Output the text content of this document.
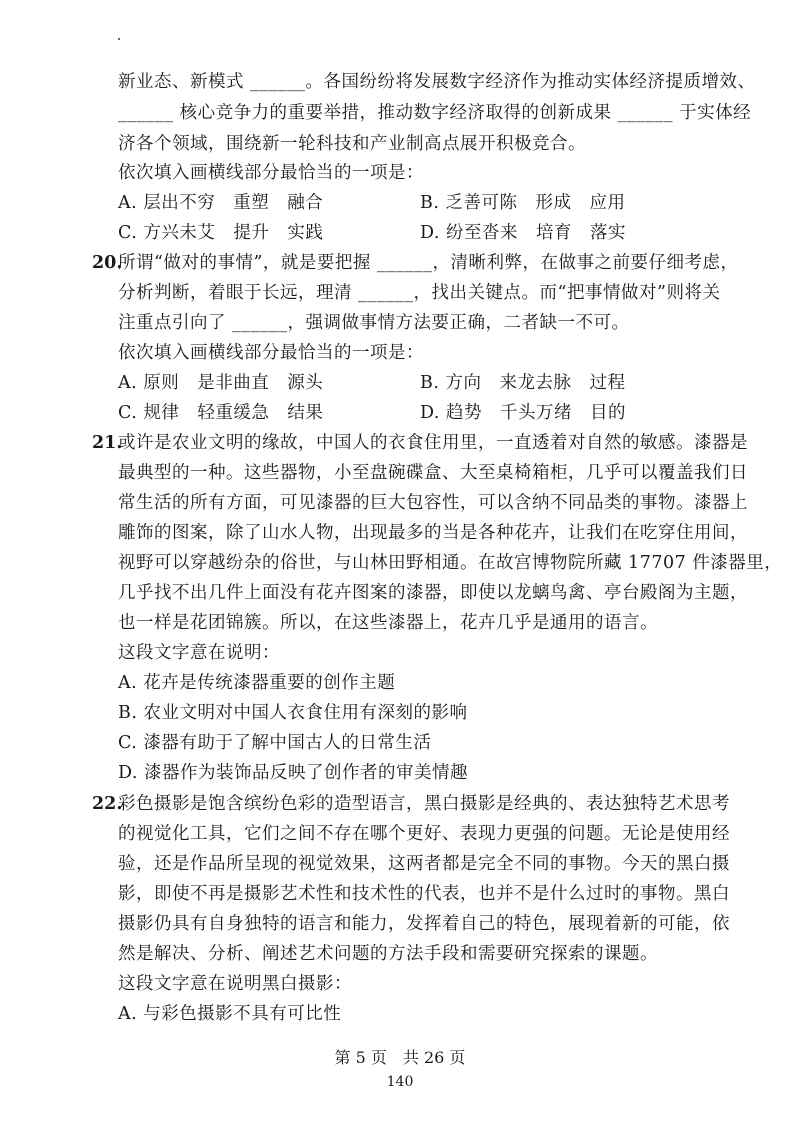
新业态、新模式 ______。各国纷纷将发展数字经济作为推动实体经济提质增效、
______ 核心竞争力的重要举措，推动数字经济取得的创新成果 ______ 于实体经
济各个领域，围绕新一轮科技和产业制高点展开积极竞合。
依次填入画横线部分最恰当的一项是：
A. 层出不穷　重塑　融合	B. 乏善可陈　形成　应用
C. 方兴未艾　提升　实践	D. 纷至沓来　培育　落实
20.
所谓“做对的事情”，就是要把握 ______，清晰利弊，在做事之前要仔细考虑，
分析判断，着眼于长远，理清 ______，找出关键点。而“把事情做对”则将关
注重点引向了 ______，强调做事情方法要正确，二者缺一不可。
依次填入画横线部分最恰当的一项是：
A. 原则　是非曲直　源头	B. 方向　来龙去脉　过程
C. 规律　轻重缓急　结果	D. 趋势　千头万绪　目的
21.
或许是农业文明的缘故，中国人的衣食住用里，一直透着对自然的敏感。漆器是
最典型的一种。这些器物，小至盘碗碟盒、大至桌椅箱柜，几乎可以覆盖我们日
常生活的所有方面，可见漆器的巨大包容性，可以含纳不同品类的事物。漆器上
雕饰的图案，除了山水人物，出现最多的当是各种花卉，让我们在吃穿住用间，
视野可以穿越纷杂的俗世，与山林田野相通。在故宫博物院所藏 17707 件漆器里，
几乎找不出几件上面没有花卉图案的漆器，即使以龙螭鸟禽、亭台殿阁为主题，
也一样是花团锦簇。所以，在这些漆器上，花卉几乎是通用的语言。
这段文字意在说明：
A. 花卉是传统漆器重要的创作主题
B. 农业文明对中国人衣食住用有深刻的影响
C. 漆器有助于了解中国古人的日常生活
D. 漆器作为装饰品反映了创作者的审美情趣
22.
彩色摄影是饱含缤纷色彩的造型语言，黑白摄影是经典的、表达独特艺术思考
的视觉化工具，它们之间不存在哪个更好、表现力更强的问题。无论是使用经
验，还是作品所呈现的视觉效果，这两者都是完全不同的事物。今天的黑白摄
影，即使不再是摄影艺术性和技术性的代表，也并不是什么过时的事物。黑白
摄影仍具有自身独特的语言和能力，发挥着自己的特色，展现着新的可能，依
然是解决、分析、阐述艺术问题的方法手段和需要研究探索的课题。
这段文字意在说明黑白摄影：
A. 与彩色摄影不具有可比性
第 5 页　共 26 页
140
